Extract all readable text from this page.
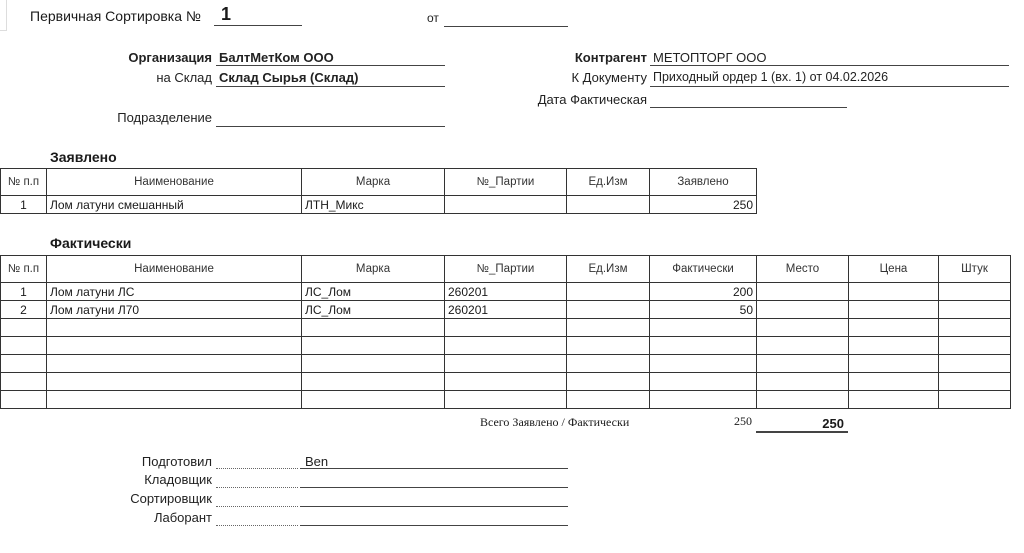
Первичная Сортировка № 1	от
Организация БалтМетКом ООО
на Склад Склад Сырья (Склад)
Подразделение
Контрагент МЕТОПТОРГ ООО
К Документу Приходный ордер 1 (вх. 1) от 04.02.2026
Дата Фактическая
Заявлено
№ п.п	Наименование	Марка	№_Партии	Ед.Изм	Заявлено
1	Лом латуни смешанный	ЛТН_Микс			250
Фактически
№ п.п	Наименование	Марка	№_Партии	Ед.Изм	Фактически	Место	Цена	Штук
1	Лом латуни ЛС	ЛС_Лом	260201		200			
2	Лом латуни Л70	ЛС_Лом	260201		50			

Всего Заявлено / Фактически	250	250
Подготовил	Ben
Кладовщик
Сортировщик
Лаборант
